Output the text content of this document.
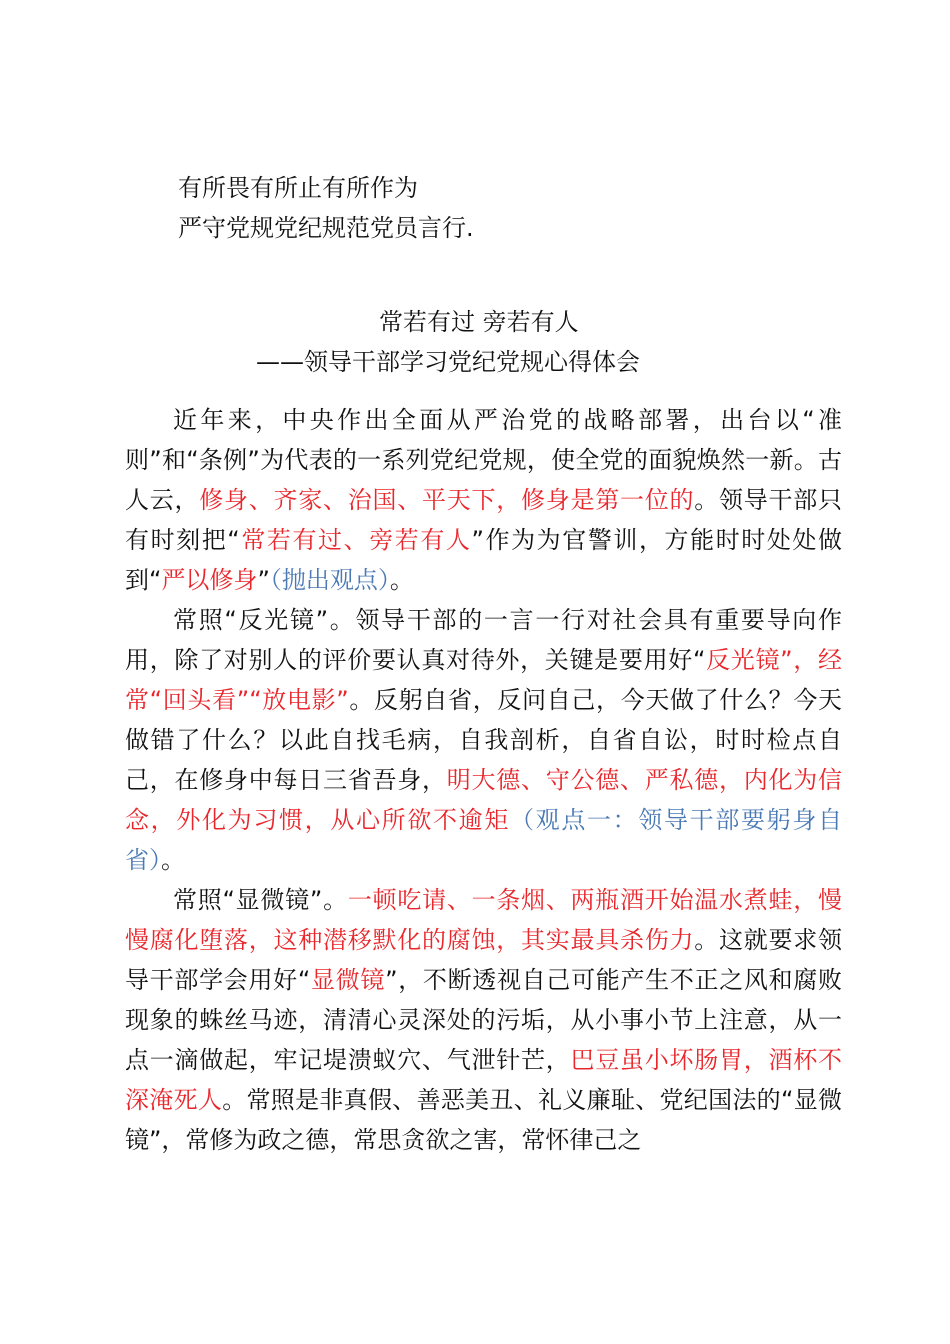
有所畏有所止有所作为
严守党规党纪规范党员言行.
常若有过 旁若有人
——领导干部学习党纪党规心得体会

近年来，中央作出全面从严治党的战略部署，出台以“准则”和“条例”为代表的一系列党纪党规，使全党的面貌焕然一新。古人云，修身、齐家、治国、平天下，修身是第一位的。领导干部只有时刻把“常若有过、旁若有人”作为为官警训，方能时时处处做到“严以修身”（抛出观点）。

常照“反光镜”。领导干部的一言一行对社会具有重要导向作用，除了对别人的评价要认真对待外，关键是要用好“反光镜”，经常“回头看”“放电影”。反躬自省，反问自己，今天做了什么？今天做错了什么？以此自找毛病，自我剖析，自省自讼，时时检点自己，在修身中每日三省吾身，明大德、守公德、严私德，内化为信念，外化为习惯，从心所欲不逾矩（观点一：领导干部要躬身自省）。

常照“显微镜”。一顿吃请、一条烟、两瓶酒开始温水煮蛙，慢慢腐化堕落，这种潜移默化的腐蚀，其实最具杀伤力。这就要求领导干部学会用好“显微镜”，不断透视自己可能产生不正之风和腐败现象的蛛丝马迹，清清心灵深处的污垢，从小事小节上注意，从一点一滴做起，牢记堤溃蚁穴、气泄针芒，巴豆虽小坏肠胃，酒杯不深淹死人。常照是非真假、善恶美丑、礼义廉耻、党纪国法的“显微镜”，常修为政之德，常思贪欲之害，常怀律己之
